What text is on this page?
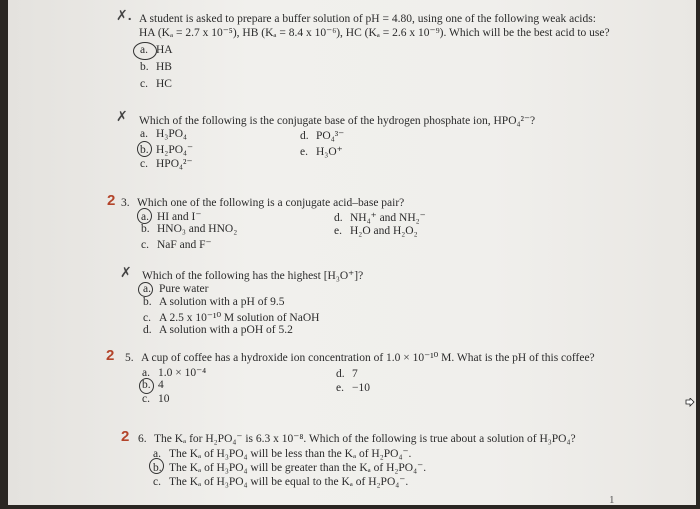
✗. A student is asked to prepare a buffer solution of pH = 4.80, using one of the following weak acids:
HA (Kₐ = 2.7 x 10⁻⁵), HB (Kₐ = 8.4 x 10⁻⁶), HC (Kₐ = 2.6 x 10⁻⁹). Which will be the best acid to use?
a. HA
b. HB
c. HC
✗ Which of the following is the conjugate base of the hydrogen phosphate ion, HPO₄²⁻?
a. H₃PO₄
b. H₂PO₄⁻
c. HPO₄²⁻
d. PO₄³⁻
e. H₃O⁺
2 3. Which one of the following is a conjugate acid–base pair?
a. HI and I⁻
b. HNO₃ and HNO₂
c. NaF and F⁻
d. NH₄⁺ and NH₂⁻
e. H₂O and H₂O₂
✗ Which of the following has the highest [H₃O⁺]?
a. Pure water
b. A solution with a pH of 9.5
c. A 2.5 x 10⁻¹⁰ M solution of NaOH
d. A solution with a pOH of 5.2
2 5. A cup of coffee has a hydroxide ion concentration of 1.0 × 10⁻¹⁰ M. What is the pH of this coffee?
a. 1.0 × 10⁻⁴
b. 4
c. 10
d. 7
e. −10
2 6. The Kₐ for H₂PO₄⁻ is 6.3 x 10⁻⁸. Which of the following is true about a solution of H₃PO₄?
a. The Kₐ of H₃PO₄ will be less than the Kₐ of H₂PO₄⁻.
b. The Kₐ of H₃PO₄ will be greater than the Kₐ of H₂PO₄⁻.
c. The Kₐ of H₃PO₄ will be equal to the Kₐ of H₂PO₄⁻.
1
